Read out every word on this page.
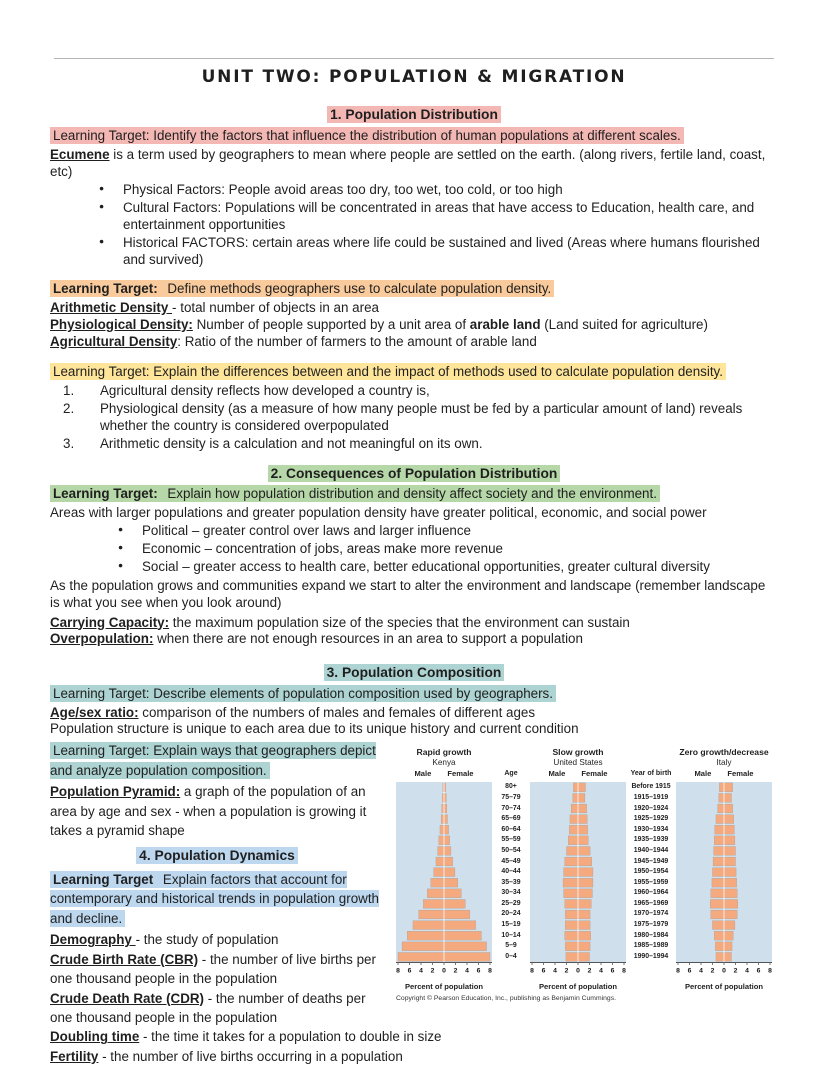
UNIT TWO: POPULATION & MIGRATION
1. Population Distribution

Learning Target: Identify the factors that influence the distribution of human populations at different scales.

Ecumene is a term used by geographers to mean where people are settled on the earth. (along rivers, fertile land, coast, etc)

● Physical Factors: People avoid areas too dry, too wet, too cold, or too high
● Cultural Factors: Populations will be concentrated in areas that have access to Education, health care, and entertainment opportunities
● Historical FACTORS: certain areas where life could be sustained and lived (Areas where humans flourished and survived)

Learning Target: Define methods geographers use to calculate population density.

Arithmetic Density - total number of objects in an area

Physiological Density: Number of people supported by a unit area of arable land (Land suited for agriculture)

Agricultural Density: Ratio of the number of farmers to the amount of arable land

Learning Target: Explain the differences between and the impact of methods used to calculate population density.

Agricultural density reflects how developed a country is,
Physiological density (as a measure of how many people must be fed by a particular amount of land) reveals whether the country is considered overpopulated
Arithmetic density is a calculation and not meaningful on its own.
2. Consequences of Population Distribution

Learning Target: Explain how population distribution and density affect society and the environment.

Areas with larger populations and greater population density have greater political, economic, and social power

● Political – greater control over laws and larger influence
● Economic – concentration of jobs, areas make more revenue
● Social – greater access to health care, better educational opportunities, greater cultural diversity

As the population grows and communities expand we start to alter the environment and landscape (remember landscape is what you see when you look around)

Carrying Capacity: the maximum population size of the species that the environment can sustain

Overpopulation: when there are not enough resources in an area to support a population

3. Population Composition

Learning Target: Describe elements of population composition used by geographers.

Age/sex ratio: comparison of the numbers of males and females of different ages

Population structure is unique to each area due to its unique history and current condition

Rapid growth
Kenya
Male Female
8 6 4 2 0 2 4 6 8
Percent of population
Age
80+
75–79
70–74
65–69
60–64
55–59
50–54
45–49
40–44
35–39
30–34
25–29
20–24
15–19
10–14
5–9
0–4
Slow growth
United States
Male Female
8 6 4 2 0 2 4 6 8
Percent of population
Year of birth
Before 1915
1915–1919
1920–1924
1925–1929
1930–1934
1935–1939
1940–1944
1945–1949
1950–1954
1955–1959
1960–1964
1965–1969
1970–1974
1975–1979
1980–1984
1985–1989
1990–1994
Zero growth/decrease
Italy
Male Female
8 6 4 2 0 2 4 6 8
Percent of population
Copyright © Pearson Education, Inc., publishing as Benjamin Cummings.

Learning Target: Explain ways that geographers depict and analyze population composition.

Population Pyramid: a graph of the population of an area by age and sex - when a population is growing it takes a pyramid shape

4. Population Dynamics

Learning Target Explain factors that account for contemporary and historical trends in population growth and decline.

Demography - the study of population

Crude Birth Rate (CBR) - the number of live births per one thousand people in the population

Crude Death Rate (CDR) - the number of deaths per one thousand people in the population

Doubling time - the time it takes for a population to double in size

Fertility - the number of live births occurring in a population
